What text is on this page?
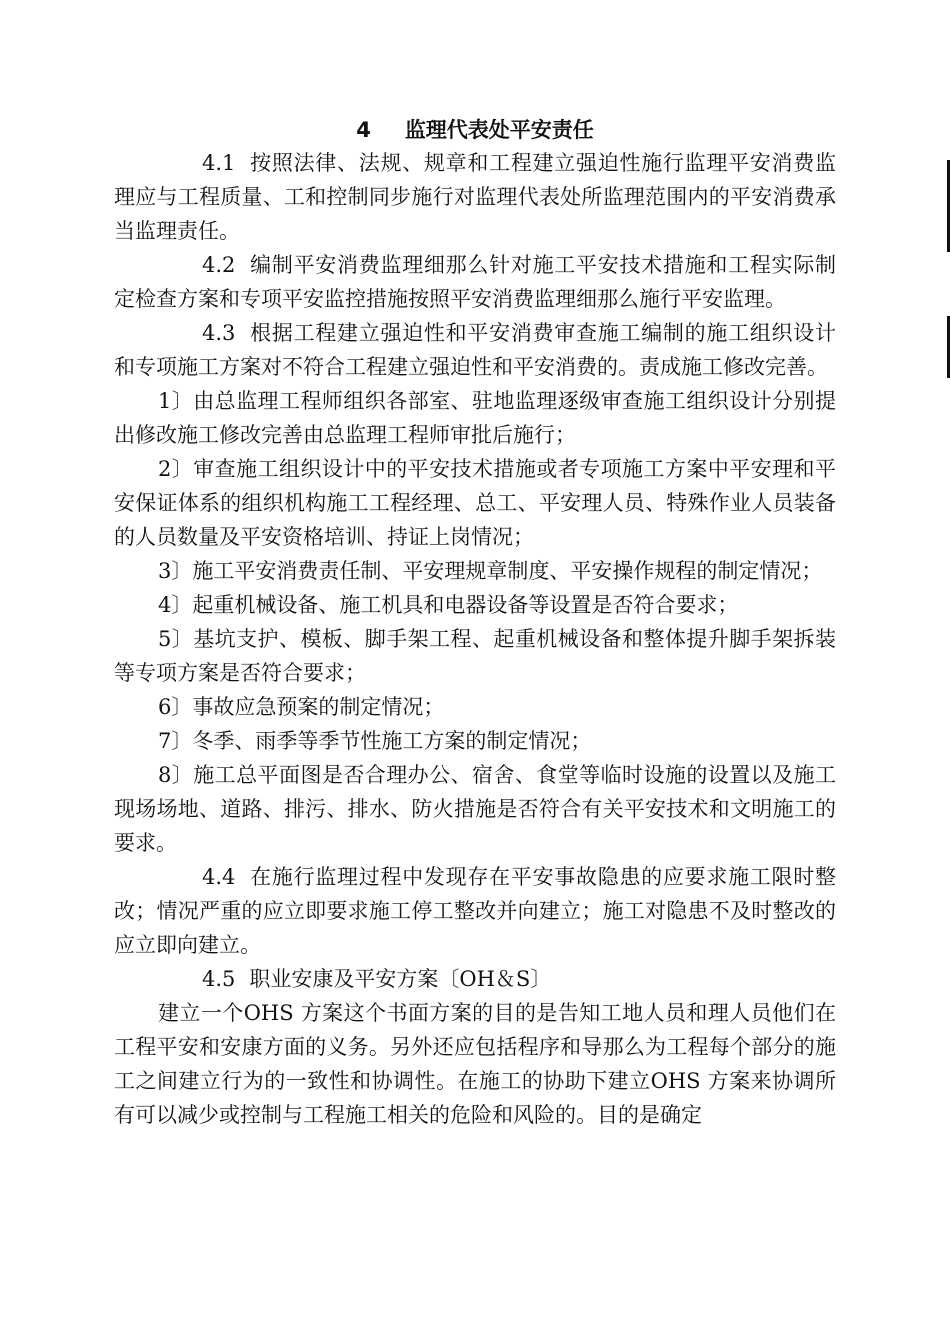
4 监理代表处平安责任

4.1 按照法律、法规、规章和工程建立强迫性施行监理平安消费监理应与工程质量、工和控制同步施行对监理代表处所监理范围内的平安消费承当监理责任。

4.2 编制平安消费监理细那么针对施工平安技术措施和工程实际制定检查方案和专项平安监控措施按照平安消费监理细那么施行平安监理。

4.3 根据工程建立强迫性和平安消费审查施工编制的施工组织设计和专项施工方案对不符合工程建立强迫性和平安消费的。责成施工修改完善。

1〕由总监理工程师组织各部室、驻地监理逐级审查施工组织设计分别提出修改施工修改完善由总监理工程师审批后施行；

2〕审查施工组织设计中的平安技术措施或者专项施工方案中平安理和平安保证体系的组织机构施工工程经理、总工、平安理人员、特殊作业人员装备的人员数量及平安资格培训、持证上岗情况；

3〕施工平安消费责任制、平安理规章制度、平安操作规程的制定情况；

4〕起重机械设备、施工机具和电器设备等设置是否符合要求；

5〕基坑支护、模板、脚手架工程、起重机械设备和整体提升脚手架拆装等专项方案是否符合要求；

6〕事故应急预案的制定情况；

7〕冬季、雨季等季节性施工方案的制定情况；

8〕施工总平面图是否合理办公、宿舍、食堂等临时设施的设置以及施工现场场地、道路、排污、排水、防火措施是否符合有关平安技术和文明施工的要求。

4.4 在施行监理过程中发现存在平安事故隐患的应要求施工限时整改；情况严重的应立即要求施工停工整改并向建立；施工对隐患不及时整改的应立即向建立。

4.5 职业安康及平安方案〔OH＆S〕

建立一个OHS 方案这个书面方案的目的是告知工地人员和理人员他们在工程平安和安康方面的义务。另外还应包括程序和导那么为工程每个部分的施工之间建立行为的一致性和协调性。在施工的协助下建立OHS 方案来协调所有可以减少或控制与工程施工相关的危险和风险的。目的是确定
